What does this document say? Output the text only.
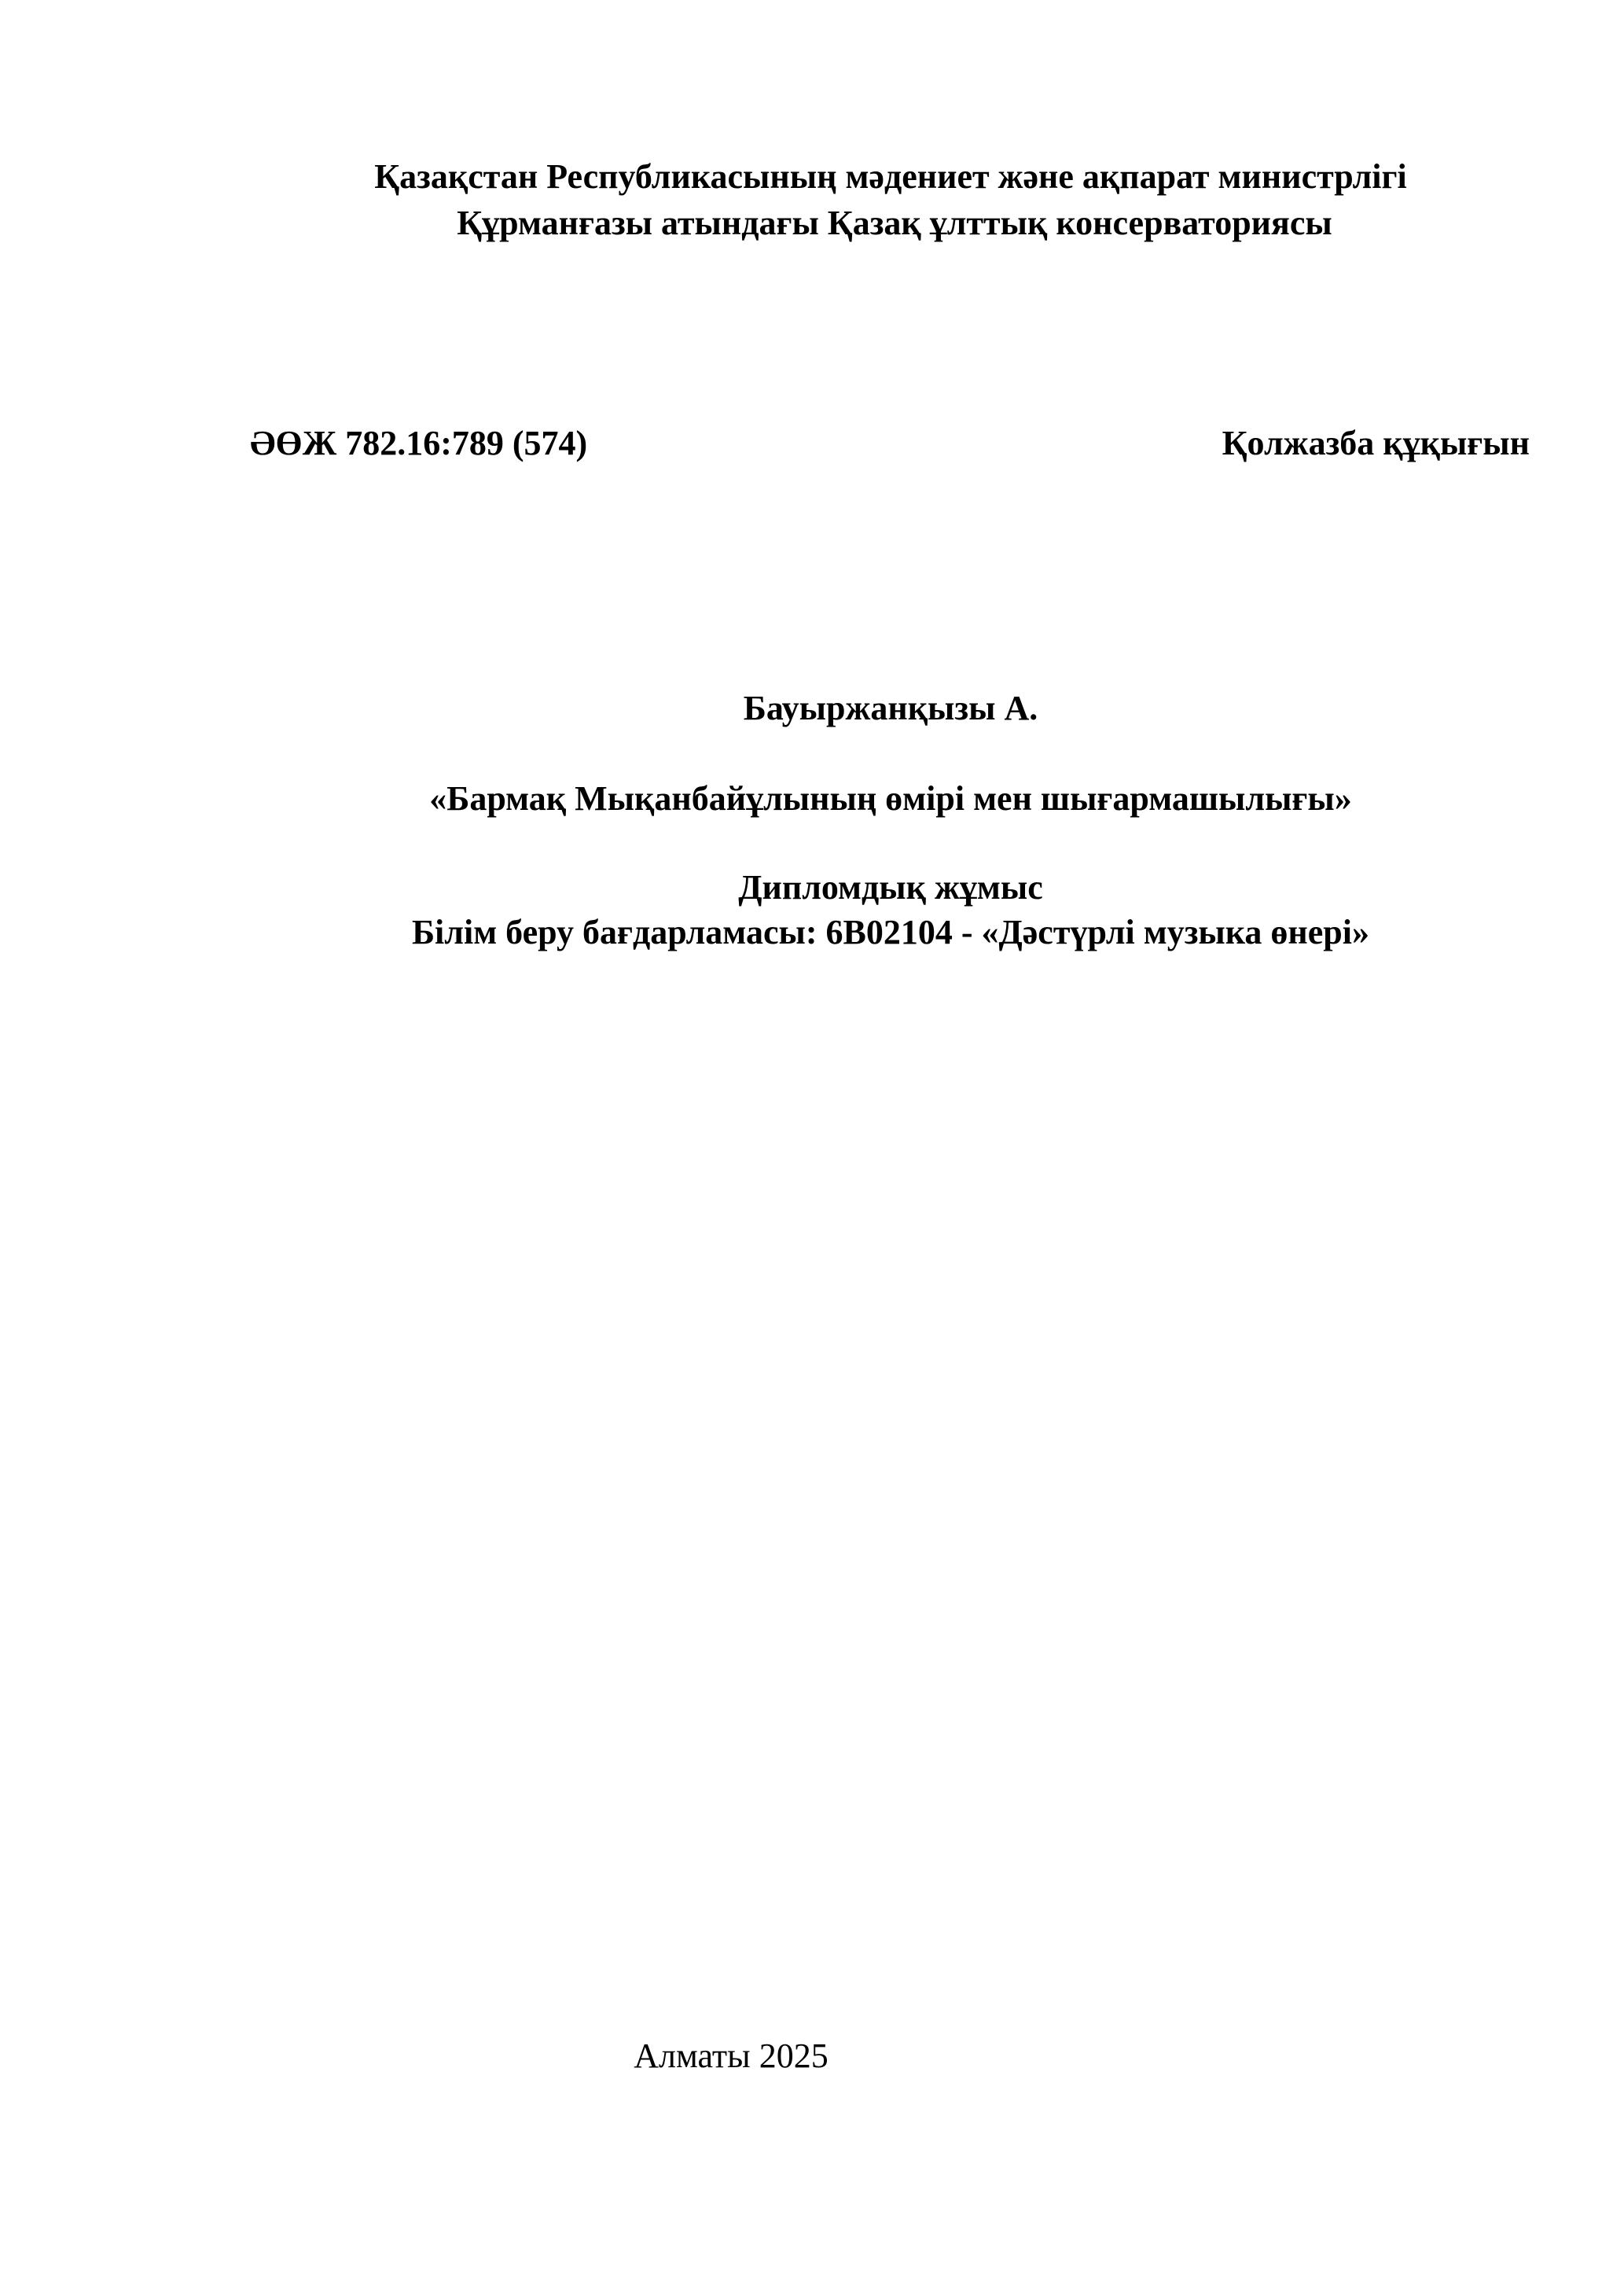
Қазақстан Республикасының мәдениет және ақпарат министрлігі
Құрманғазы атындағы Қазақ ұлттық консерваториясы
ӘӨЖ 782.16:789 (574)	Қолжазба құқығын
Бауыржанқызы А.
«Бармақ Мықанбайұлының өмірі мен шығармашылығы»
Дипломдық жұмыс
Білім беру бағдарламасы: 6B02104 - «Дәстүрлі музыка өнері»
Алматы 2025
